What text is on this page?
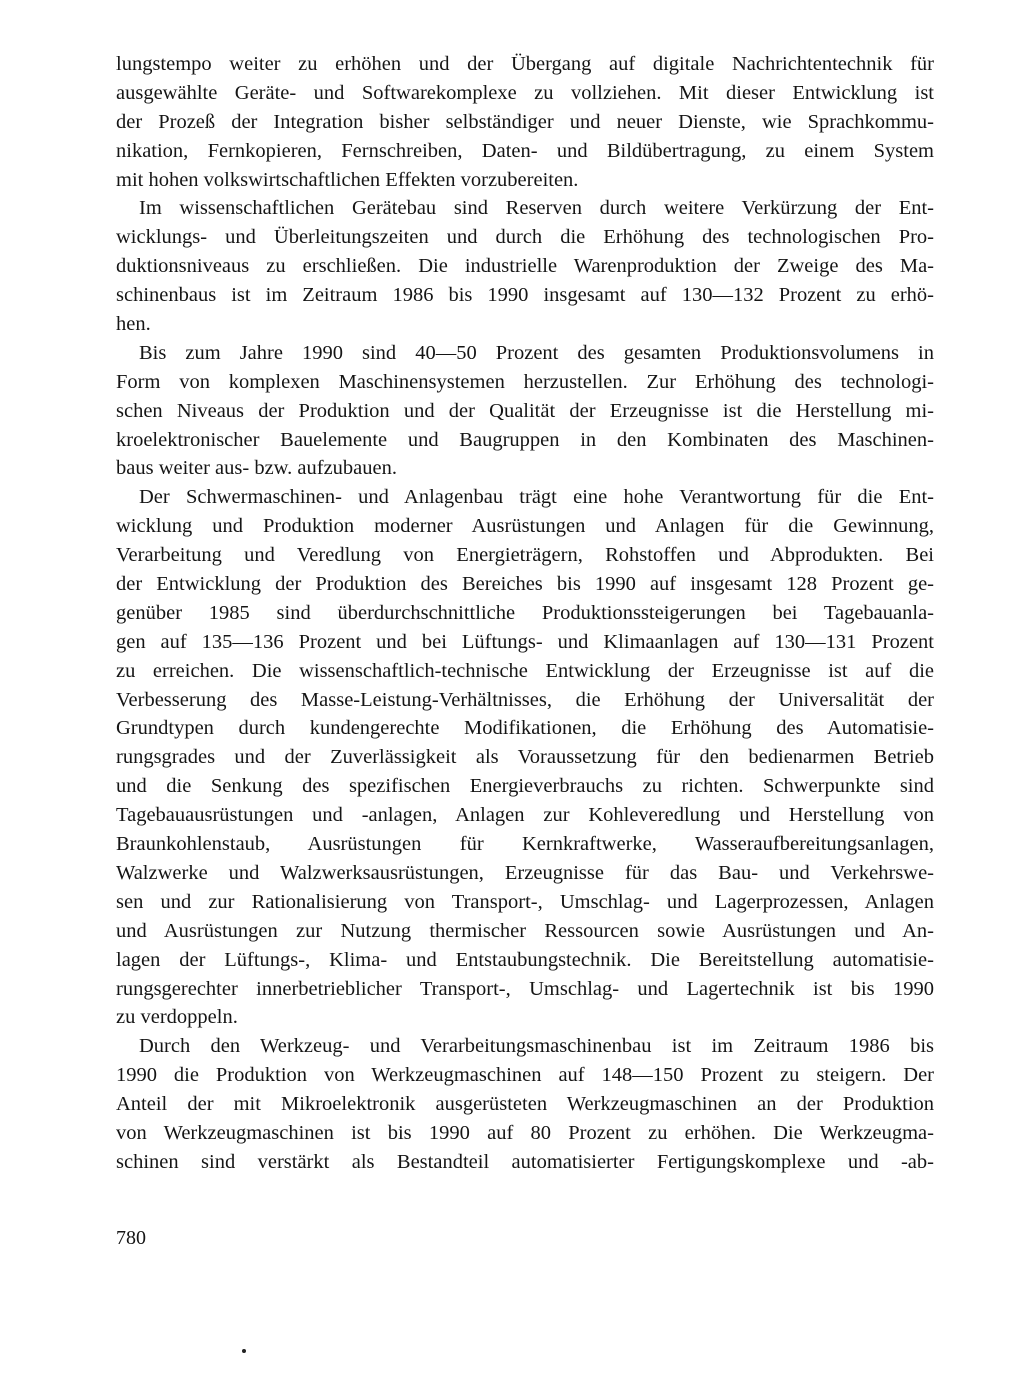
lungstempo weiter zu erhöhen und der Übergang auf digitale Nachrichtentechnik für
ausgewählte Geräte- und Softwarekomplexe zu vollziehen. Mit dieser Entwicklung ist
der Prozeß der Integration bisher selbständiger und neuer Dienste, wie Sprachkommu-
nikation, Fernkopieren, Fernschreiben, Daten- und Bildübertragung, zu einem System
mit hohen volkswirtschaftlichen Effekten vorzubereiten.
Im wissenschaftlichen Gerätebau sind Reserven durch weitere Verkürzung der Ent-
wicklungs- und Überleitungszeiten und durch die Erhöhung des technologischen Pro-
duktionsniveaus zu erschließen. Die industrielle Warenproduktion der Zweige des Ma-
schinenbaus ist im Zeitraum 1986 bis 1990 insgesamt auf 130—132 Prozent zu erhö-
hen.
Bis zum Jahre 1990 sind 40—50 Prozent des gesamten Produktionsvolumens in
Form von komplexen Maschinensystemen herzustellen. Zur Erhöhung des technologi-
schen Niveaus der Produktion und der Qualität der Erzeugnisse ist die Herstellung mi-
kroelektronischer Bauelemente und Baugruppen in den Kombinaten des Maschinen-
baus weiter aus- bzw. aufzubauen.
Der Schwermaschinen- und Anlagenbau trägt eine hohe Verantwortung für die Ent-
wicklung und Produktion moderner Ausrüstungen und Anlagen für die Gewinnung,
Verarbeitung und Veredlung von Energieträgern, Rohstoffen und Abprodukten. Bei
der Entwicklung der Produktion des Bereiches bis 1990 auf insgesamt 128 Prozent ge-
genüber 1985 sind überdurchschnittliche Produktionssteigerungen bei Tagebauanla-
gen auf 135—136 Prozent und bei Lüftungs- und Klimaanlagen auf 130—131 Prozent
zu erreichen. Die wissenschaftlich-technische Entwicklung der Erzeugnisse ist auf die
Verbesserung des Masse-Leistung-Verhältnisses, die Erhöhung der Universalität der
Grundtypen durch kundengerechte Modifikationen, die Erhöhung des Automatisie-
rungsgrades und der Zuverlässigkeit als Voraussetzung für den bedienarmen Betrieb
und die Senkung des spezifischen Energieverbrauchs zu richten. Schwerpunkte sind
Tagebauausrüstungen und -anlagen, Anlagen zur Kohleveredlung und Herstellung von
Braunkohlenstaub, Ausrüstungen für Kernkraftwerke, Wasseraufbereitungsanlagen,
Walzwerke und Walzwerksausrüstungen, Erzeugnisse für das Bau- und Verkehrswe-
sen und zur Rationalisierung von Transport-, Umschlag- und Lagerprozessen, Anlagen
und Ausrüstungen zur Nutzung thermischer Ressourcen sowie Ausrüstungen und An-
lagen der Lüftungs-, Klima- und Entstaubungstechnik. Die Bereitstellung automatisie-
rungsgerechter innerbetrieblicher Transport-, Umschlag- und Lagertechnik ist bis 1990
zu verdoppeln.
Durch den Werkzeug- und Verarbeitungsmaschinenbau ist im Zeitraum 1986 bis
1990 die Produktion von Werkzeugmaschinen auf 148—150 Prozent zu steigern. Der
Anteil der mit Mikroelektronik ausgerüsteten Werkzeugmaschinen an der Produktion
von Werkzeugmaschinen ist bis 1990 auf 80 Prozent zu erhöhen. Die Werkzeugma-
schinen sind verstärkt als Bestandteil automatisierter Fertigungskomplexe und -ab-
780
